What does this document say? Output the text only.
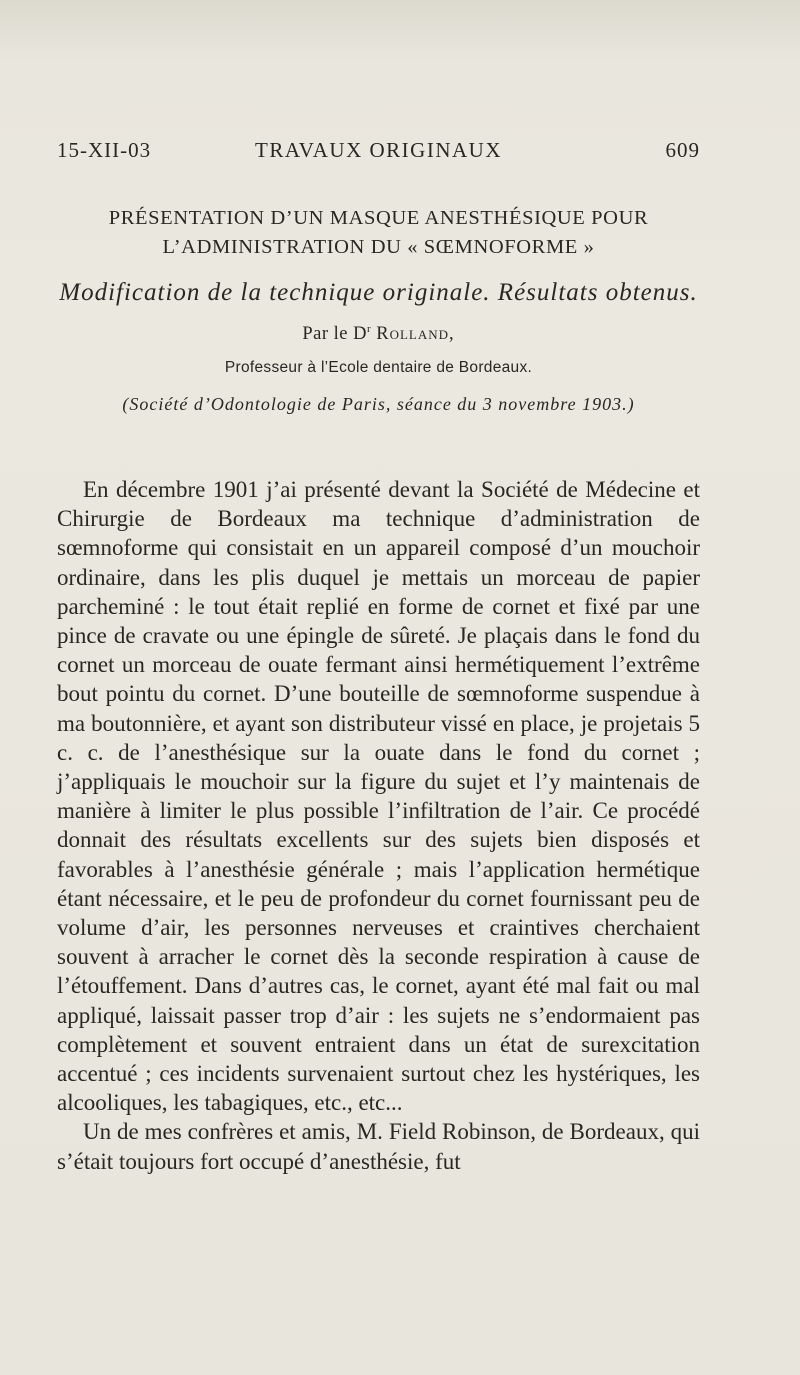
15-XII-03	TRAVAUX ORIGINAUX	609
PRÉSENTATION D’UN MASQUE ANESTHÉSIQUE POUR
L’ADMINISTRATION DU « SŒMNOFORME »
Modification de la technique originale. Résultats obtenus.
Par le $D^r$ Rolland,
Professeur à l’Ecole dentaire de Bordeaux.
(Société d’Odontologie de Paris, séance du 3 novembre 1903.)

En décembre 1901 j’ai présenté devant la Société de Médecine et Chirurgie de Bordeaux ma technique d’administration de sœmnoforme qui consistait en un appareil composé d’un mouchoir ordinaire, dans les plis duquel je mettais un morceau de papier parcheminé : le tout était replié en forme de cornet et fixé par une pince de cravate ou une épingle de sûreté. Je plaçais dans le fond du cornet un morceau de ouate fermant ainsi hermétiquement l’extrême bout pointu du cornet. D’une bouteille de sœmnoforme suspendue à ma boutonnière, et ayant son distributeur vissé en place, je projetais 5 c. c. de l’anesthésique sur la ouate dans le fond du cornet ; j’appliquais le mouchoir sur la figure du sujet et l’y maintenais de manière à limiter le plus possible l’infiltration de l’air. Ce procédé donnait des résultats excellents sur des sujets bien disposés et favorables à l’anesthésie générale ; mais l’application hermétique étant nécessaire, et le peu de profondeur du cornet fournissant peu de volume d’air, les personnes nerveuses et craintives cherchaient souvent à arracher le cornet dès la seconde respiration à cause de l’étouffement. Dans d’autres cas, le cornet, ayant été mal fait ou mal appliqué, laissait passer trop d’air : les sujets ne s’endormaient pas complètement et souvent entraient dans un état de surexcitation accentué ; ces incidents survenaient surtout chez les hystériques, les alcooliques, les tabagiques, etc., etc...

Un de mes confrères et amis, M. Field Robinson, de Bordeaux, qui s’était toujours fort occupé d’anesthésie, fut
